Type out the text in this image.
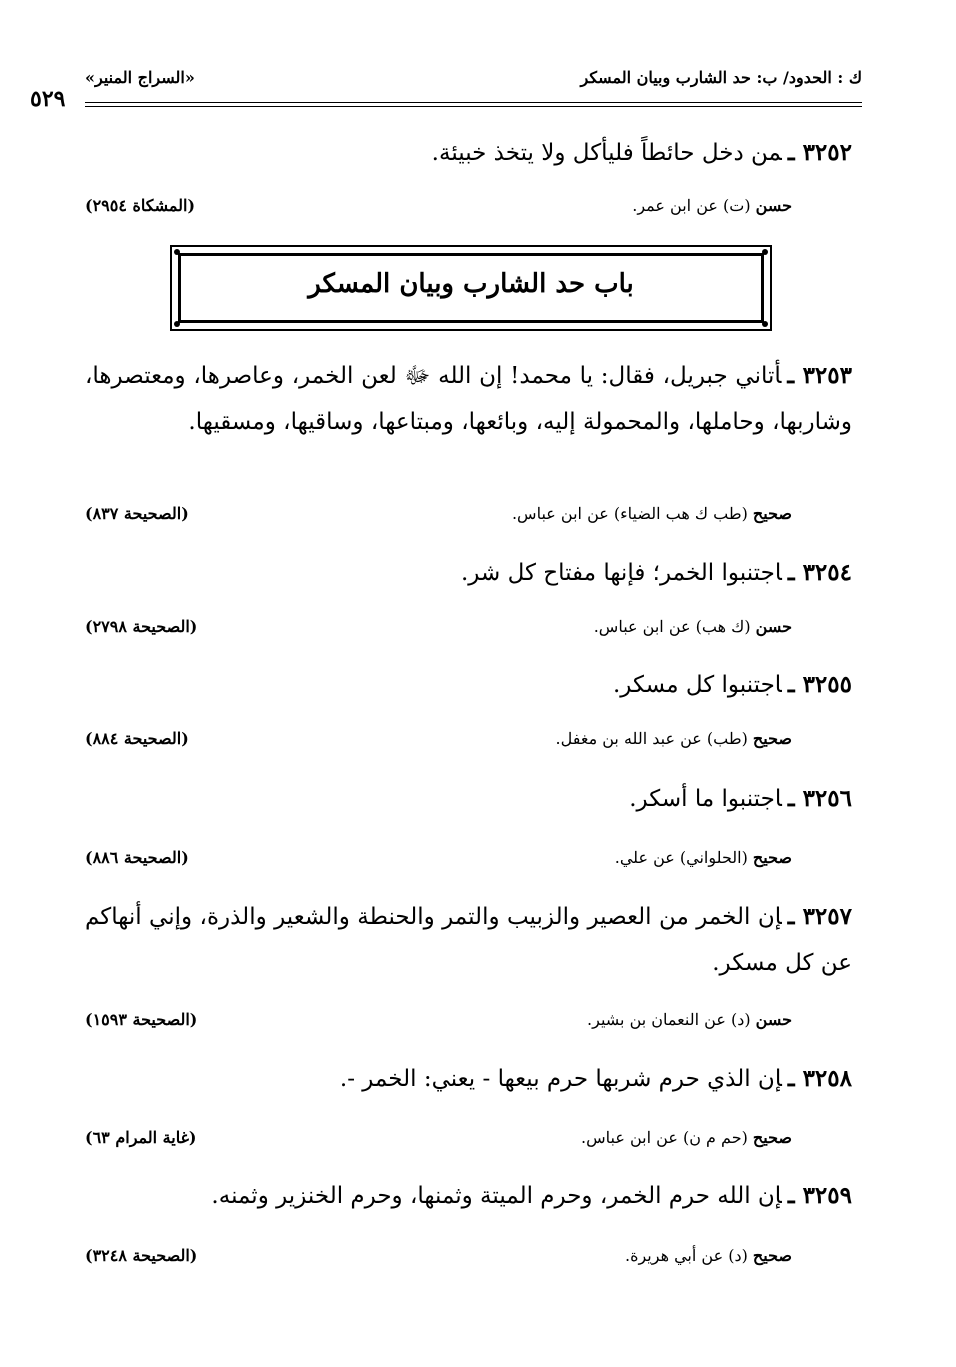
ك : الحدود/ ب: حد الشارب وبيان المسكر
«السراج المنير»
٥٢٩
٣٢٥٢ ـمن دخل حائطاً فليأكل ولا يتخذ خبيئة.
حسن (ت) عن ابن عمر.
(المشكاة ٢٩٥٤)
باب حد الشارب وبيان المسكر
٣٢٥٣ ـأتاني جبريل، فقال: يا محمد! إن الله ﷻ لعن الخمر، وعاصرها، ومعتصرها، وشاربها، وحاملها، والمحمولة إليه، وبائعها، ومبتاعها، وساقيها، ومسقيها.
صحيح (طب ك هب الضياء) عن ابن عباس.
(الصحيحة ٨٣٧)
٣٢٥٤ ـاجتنبوا الخمر؛ فإنها مفتاح كل شر.
حسن (ك هب) عن ابن عباس.
(الصحيحة ٢٧٩٨)
٣٢٥٥ ـاجتنبوا كل مسكر.
صحيح (طب) عن عبد الله بن مغفل.
(الصحيحة ٨٨٤)
٣٢٥٦ ـاجتنبوا ما أسكر.
صحيح (الحلواني) عن علي.
(الصحيحة ٨٨٦)
٣٢٥٧ ـإن الخمر من العصير والزبيب والتمر والحنطة والشعير والذرة، وإني أنهاكم عن كل مسكر.
حسن (د) عن النعمان بن بشير.
(الصحيحة ١٥٩٣)
٣٢٥٨ ـإن الذي حرم شربها حرم بيعها - يعني: الخمر -.
صحيح (حم م ن) عن ابن عباس.
(غاية المرام ٦٣)
٣٢٥٩ ـإن الله حرم الخمر، وحرم الميتة وثمنها، وحرم الخنزير وثمنه.
صحيح (د) عن أبي هريرة.
(الصحيحة ٣٢٤٨)
